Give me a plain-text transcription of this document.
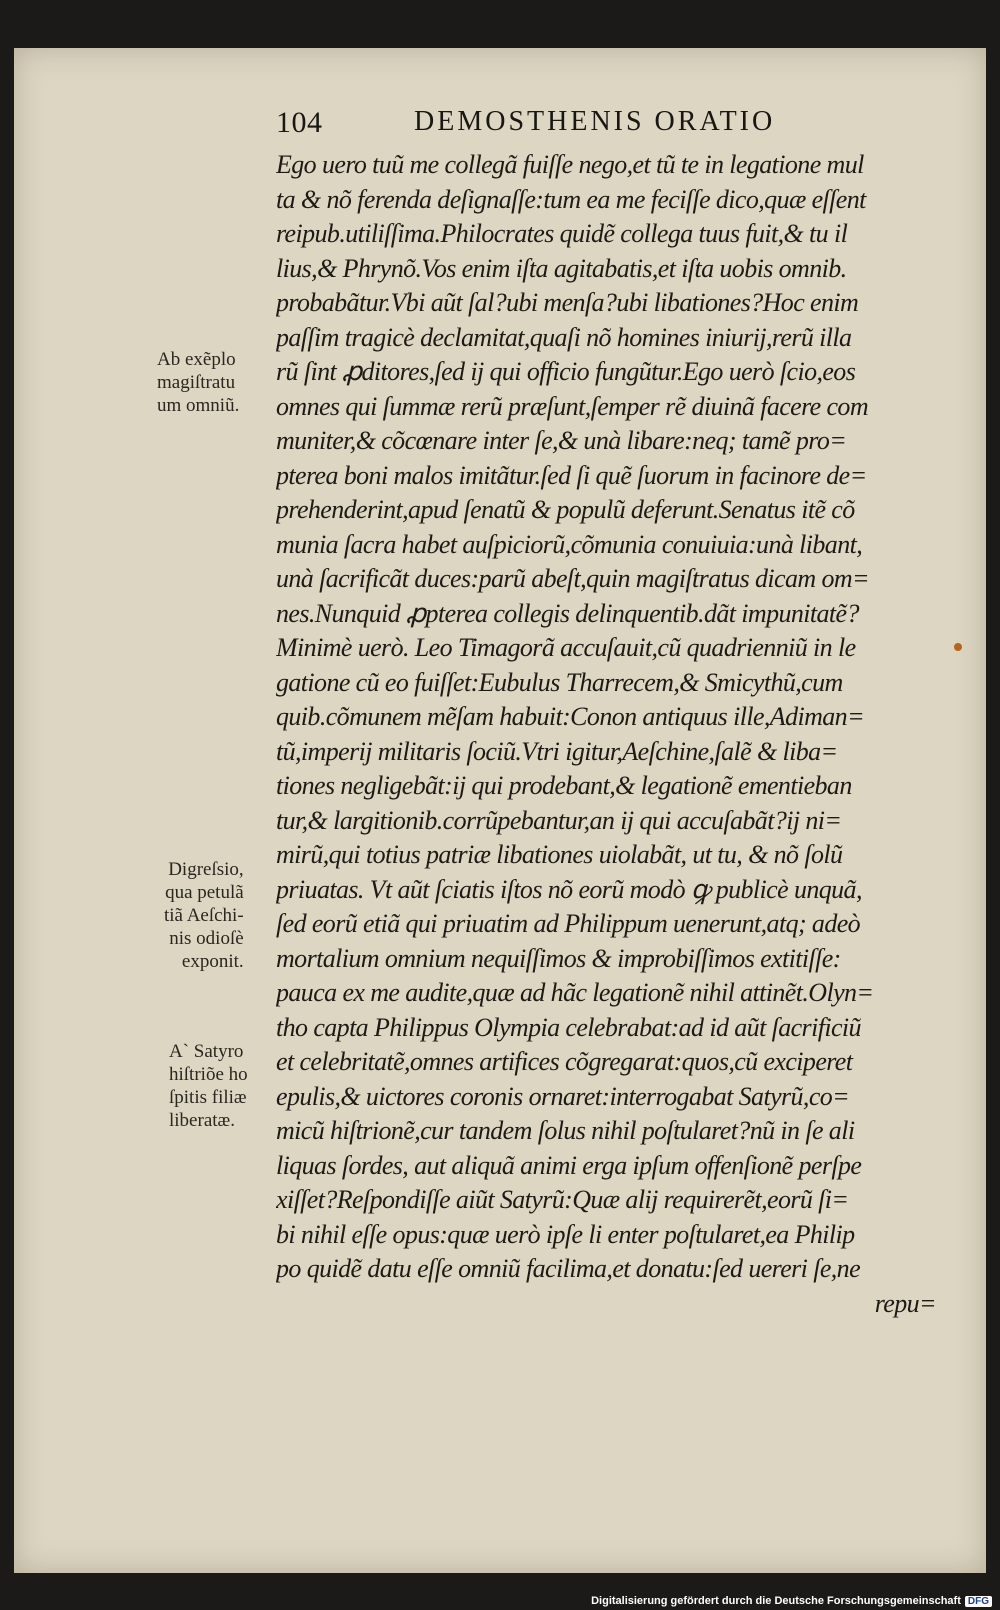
104	DEMOSTHENIS ORATIO
Ego uero tuũ me collegã fuiſſe nego,et tũ te in legatione mul
ta & nõ ferenda deſignaſſe:tum ea me feciſſe dico,quæ eſſent
reipub.utiliſſima.Philocrates quidẽ collega tuus fuit,& tu il
lius,& Phrynõ.Vos enim iſta agitabatis,et iſta uobis omnib.
probabãtur.Vbi aũt ſal?ubi menſa?ubi libationes?Hoc enim
paſſim tragicè declamitat,quaſi nõ homines iniurij,rerũ illa
rũ ſint ꝓditores,ſed ij qui officio fungũtur.Ego uerò ſcio,eos
omnes qui ſummæ rerũ præſunt,ſemper rẽ diuinã facere com
muniter,& cõcœnare inter ſe,& unà libare:neq; tamẽ pro=
pterea boni malos imitãtur.ſed ſi quẽ ſuorum in facinore de=
prehenderint,apud ſenatũ & populũ deferunt.Senatus itẽ cõ
munia ſacra habet auſpiciorũ,cõmunia conuiuia:unà libant,
unà ſacrificãt duces:parũ abeſt,quin magiſtratus dicam om=
nes.Nunquid ꝓpterea collegis delinquentib.dãt impunitatẽ?
Minimè uerò. Leo Timagorã accuſauit,cũ quadrienniũ in le
gatione cũ eo fuiſſet:Eubulus Tharrecem,& Smicythũ,cum
quib.cõmunem mẽſam habuit:Conon antiquus ille,Adiman=
tũ,imperij militaris ſociũ.Vtri igitur,Aeſchine,ſalẽ & liba=
tiones negligebãt:ij qui prodebant,& legationẽ ementieban
tur,& largitionib.corrũpebantur,an ij qui accuſabãt?ij ni=
mirũ,qui totius patriæ libationes uiolabãt, ut tu, & nõ ſolũ
priuatas. Vt aũt ſciatis iſtos nõ eorũ modò ꝙ publicè unquã,
ſed eorũ etiã qui priuatim ad Philippum uenerunt,atq; adeò
mortalium omnium nequiſſimos & improbiſſimos extitiſſe:
pauca ex me audite,quæ ad hãc legationẽ nihil attinẽt.Olyn=
tho capta Philippus Olympia celebrabat:ad id aũt ſacrificiũ
et celebritatẽ,omnes artifices cõgregarat:quos,cũ exciperet
epulis,& uictores coronis ornaret:interrogabat Satyrũ,co=
micũ hiſtrionẽ,cur tandem ſolus nihil poſtularet?nũ in ſe ali
liquas ſordes, aut aliquã animi erga ipſum offenſionẽ perſpe
xiſſet?Reſpondiſſe aiũt Satyrũ:Quæ alij requirerẽt,eorũ ſi=
bi nihil eſſe opus:quæ uerò ipſe li enter poſtularet,ea Philip
po quidẽ datu eſſe omniũ facilima,et donatu:ſed uereri ſe,ne
repu=
Ab exẽplo
magiſtratu
um omniũ.
Digreſsio,
qua petulã
tiã Aeſchi-
nis odioſè
exponit.
A` Satyro
hiſtriõe ho
ſpitis filiæ
liberatæ.
Digitalisierung gefördert durch die Deutsche Forschungsgemeinschaft DFG
